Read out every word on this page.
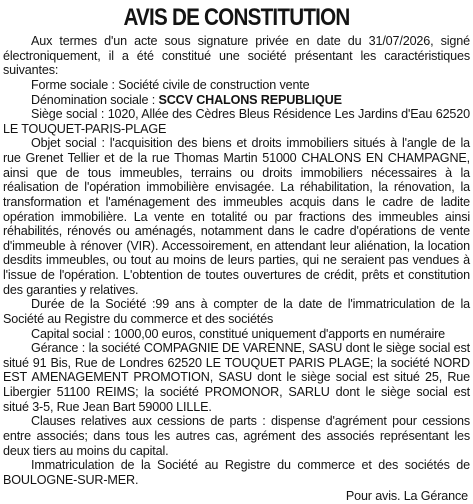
AVIS DE CONSTITUTION

Aux termes d'un acte sous signature privée en date du 31/07/2026, signé électroniquement, il a été constitué une société présentant les caractéristiques suivantes:

Forme sociale : Société civile de construction vente

Dénomination sociale : SCCV CHALONS REPUBLIQUE

Siège social : 1020, Allée des Cèdres Bleus Résidence Les Jardins d'Eau 62520 LE TOUQUET-PARIS-PLAGE

Objet social : l'acquisition des biens et droits immobiliers situés à l'angle de la rue Grenet Tellier et de la rue Thomas Martin 51000 CHALONS EN CHAMPAGNE, ainsi que de tous immeubles, terrains ou droits immobiliers nécessaires à la réalisation de l'opération immobilière envisagée. La réhabilitation, la rénovation, la transformation et l'aménagement des immeubles acquis dans le cadre de ladite opération immobilière. La vente en totalité ou par fractions des immeubles ainsi réhabilités, rénovés ou aménagés, notamment dans le cadre d'opérations de vente d'immeuble à rénover (VIR). Accessoirement, en attendant leur aliénation, la location desdits immeubles, ou tout au moins de leurs parties, qui ne seraient pas vendues à l'issue de l'opération. L'obtention de toutes ouvertures de crédit, prêts et constitution des garanties y relatives.

Durée de la Société :99 ans à compter de la date de l'immatriculation de la Société au Registre du commerce et des sociétés

Capital social : 1000,00 euros, constitué uniquement d'apports en numéraire

Gérance : la société COMPAGNIE DE VARENNE, SASU dont le siège social est situé 91 Bis, Rue de Londres 62520 LE TOUQUET PARIS PLAGE; la société NORD EST AMENAGEMENT PROMOTION, SASU dont le siège social est situé 25, Rue Libergier 51100 REIMS; la société PROMONOR, SARLU dont le siège social est situé 3-5, Rue Jean Bart 59000 LILLE.

Clauses relatives aux cessions de parts : dispense d'agrément pour cessions entre associés; dans tous les autres cas, agrément des associés représentant les deux tiers au moins du capital.

Immatriculation de la Société au Registre du commerce et des sociétés de BOULOGNE-SUR-MER.

Pour avis. La Gérance
